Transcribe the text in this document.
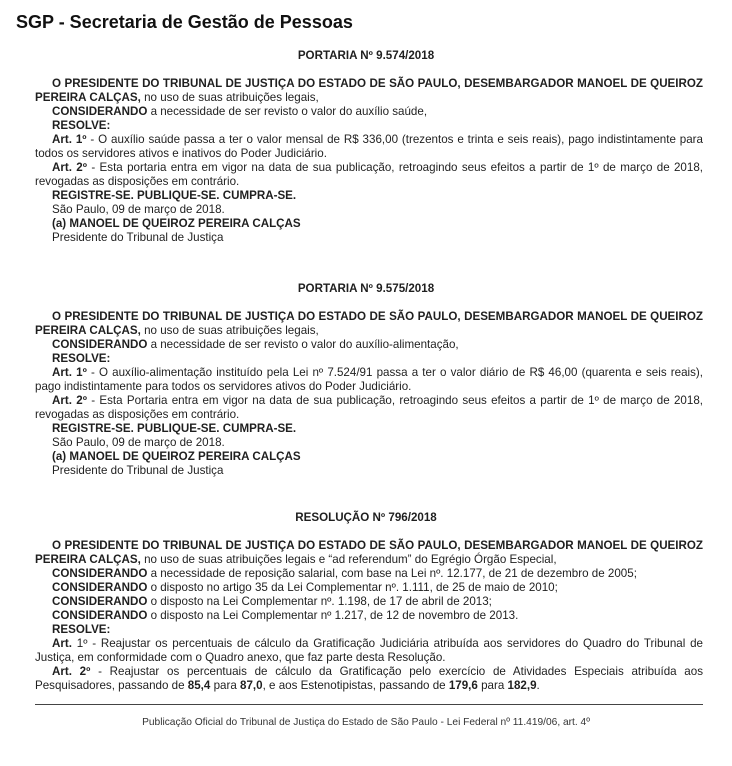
SGP - Secretaria de Gestão de Pessoas
PORTARIA Nº 9.574/2018

O PRESIDENTE DO TRIBUNAL DE JUSTIÇA DO ESTADO DE SÃO PAULO, DESEMBARGADOR MANOEL DE QUEIROZ PEREIRA CALÇAS, no uso de suas atribuições legais,

CONSIDERANDO a necessidade de ser revisto o valor do auxílio saúde,

RESOLVE:

Art. 1º - O auxílio saúde passa a ter o valor mensal de R$ 336,00 (trezentos e trinta e seis reais), pago indistintamente para todos os servidores ativos e inativos do Poder Judiciário.

Art. 2º - Esta portaria entra em vigor na data de sua publicação, retroagindo seus efeitos a partir de 1º de março de 2018, revogadas as disposições em contrário.

REGISTRE-SE. PUBLIQUE-SE. CUMPRA-SE.

São Paulo, 09 de março de 2018.

(a) MANOEL DE QUEIROZ PEREIRA CALÇAS

Presidente do Tribunal de Justiça

PORTARIA Nº 9.575/2018

O PRESIDENTE DO TRIBUNAL DE JUSTIÇA DO ESTADO DE SÃO PAULO, DESEMBARGADOR MANOEL DE QUEIROZ PEREIRA CALÇAS, no uso de suas atribuições legais,

CONSIDERANDO a necessidade de ser revisto o valor do auxílio-alimentação,

RESOLVE:

Art. 1º - O auxílio-alimentação instituído pela Lei nº 7.524/91 passa a ter o valor diário de R$ 46,00 (quarenta e seis reais), pago indistintamente para todos os servidores ativos do Poder Judiciário.

Art. 2º - Esta Portaria entra em vigor na data de sua publicação, retroagindo seus efeitos a partir de 1º de março de 2018, revogadas as disposições em contrário.

REGISTRE-SE. PUBLIQUE-SE. CUMPRA-SE.

São Paulo, 09 de março de 2018.

(a) MANOEL DE QUEIROZ PEREIRA CALÇAS

Presidente do Tribunal de Justiça

RESOLUÇÃO Nº 796/2018

O PRESIDENTE DO TRIBUNAL DE JUSTIÇA DO ESTADO DE SÃO PAULO, DESEMBARGADOR MANOEL DE QUEIROZ PEREIRA CALÇAS, no uso de suas atribuições legais e “ad referendum” do Egrégio Órgão Especial,

CONSIDERANDO a necessidade de reposição salarial, com base na Lei nº. 12.177, de 21 de dezembro de 2005;

CONSIDERANDO o disposto no artigo 35 da Lei Complementar nº. 1.111, de 25 de maio de 2010;

CONSIDERANDO o disposto na Lei Complementar nº. 1.198, de 17 de abril de 2013;

CONSIDERANDO o disposto na Lei Complementar nº 1.217, de 12 de novembro de 2013.

RESOLVE:

Art. 1º - Reajustar os percentuais de cálculo da Gratificação Judiciária atribuída aos servidores do Quadro do Tribunal de Justiça, em conformidade com o Quadro anexo, que faz parte desta Resolução.

Art. 2º - Reajustar os percentuais de cálculo da Gratificação pelo exercício de Atividades Especiais atribuída aos Pesquisadores, passando de 85,4 para 87,0, e aos Estenotipistas, passando de 179,6 para 182,9.

Publicação Oficial do Tribunal de Justiça do Estado de São Paulo - Lei Federal nº 11.419/06, art. 4º
